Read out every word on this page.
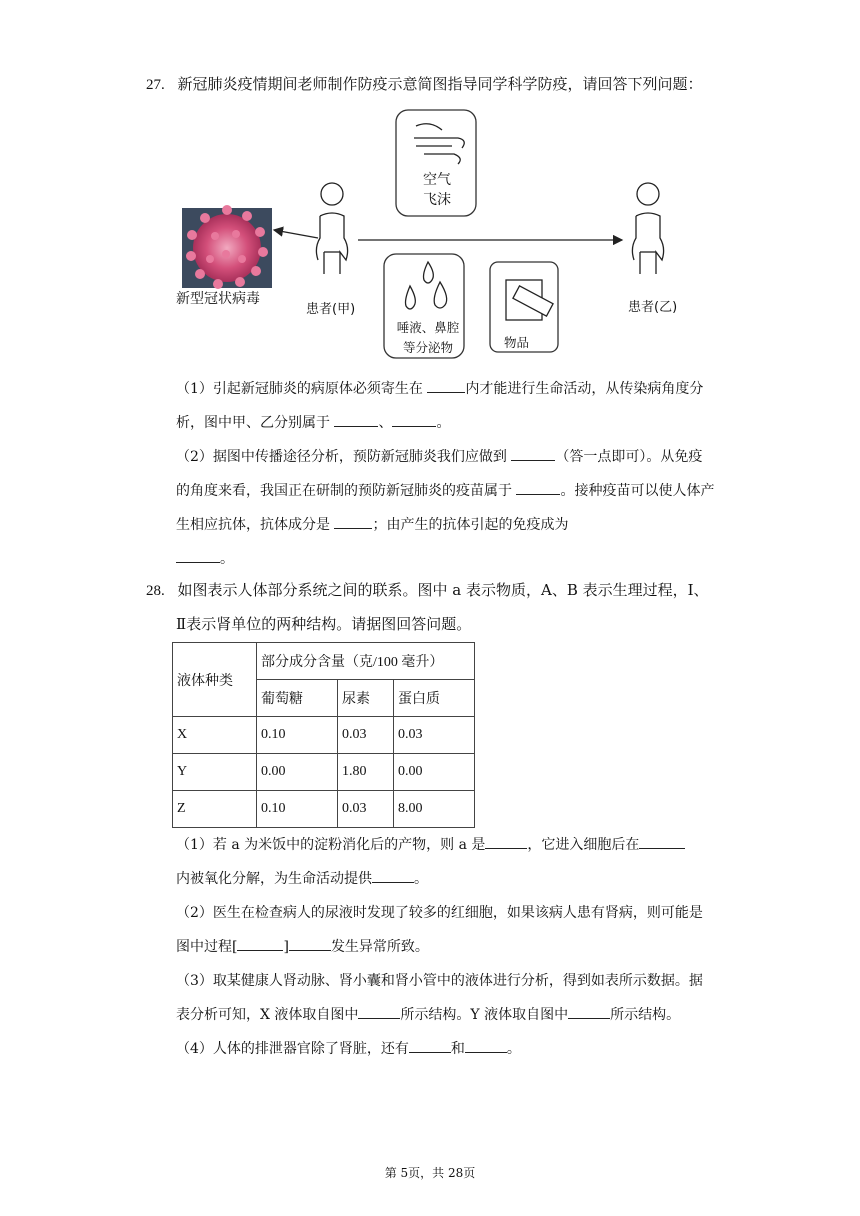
27. 新冠肺炎疫情期间老师制作防疫示意简图指导同学科学防疫，请回答下列问题：
空气
飞沫
唾液、鼻腔
等分泌物	物品
新型冠状病毒
患者(甲)	患者(乙)

（1）引起新冠肺炎的病原体必须寄生在	内才能进行生命活动，从传染病角度分析，图中甲、乙分别属于	、	。

（2）据图中传播途径分析，预防新冠肺炎我们应做到	（答一点即可）。从免疫的角度来看，我国正在研制的预防新冠肺炎的疫苗属于	。接种疫苗可以使人体产生相应抗体，抗体成分是	；由产生的抗体引起的免疫成为
。

28. 如图表示人体部分系统之间的联系。图中 a 表示物质，A、B 表示生理过程，Ⅰ、
Ⅱ表示肾单位的两种结构。请据图回答问题。
液体种类	部分成分含量（克/100 毫升）		
	葡萄糖	尿素	蛋白质
X	0.10	0.03	0.03
Y	0.00	1.80	0.00
Z	0.10	0.03	8.00

（1）若 a 为米饭中的淀粉消化后的产物，则 a 是	，它进入细胞后在
内被氧化分解，为生命活动提供	。

（2）医生在检查病人的尿液时发现了较多的红细胞，如果该病人患有肾病，则可能是图中过程[	]	发生异常所致。

（3）取某健康人肾动脉、肾小囊和肾小管中的液体进行分析，得到如表所示数据。据表分析可知，X 液体取自图中	所示结构。Y 液体取自图中	所示结构。

（4）人体的排泄器官除了肾脏，还有	和	。

第 5页，共 28页
